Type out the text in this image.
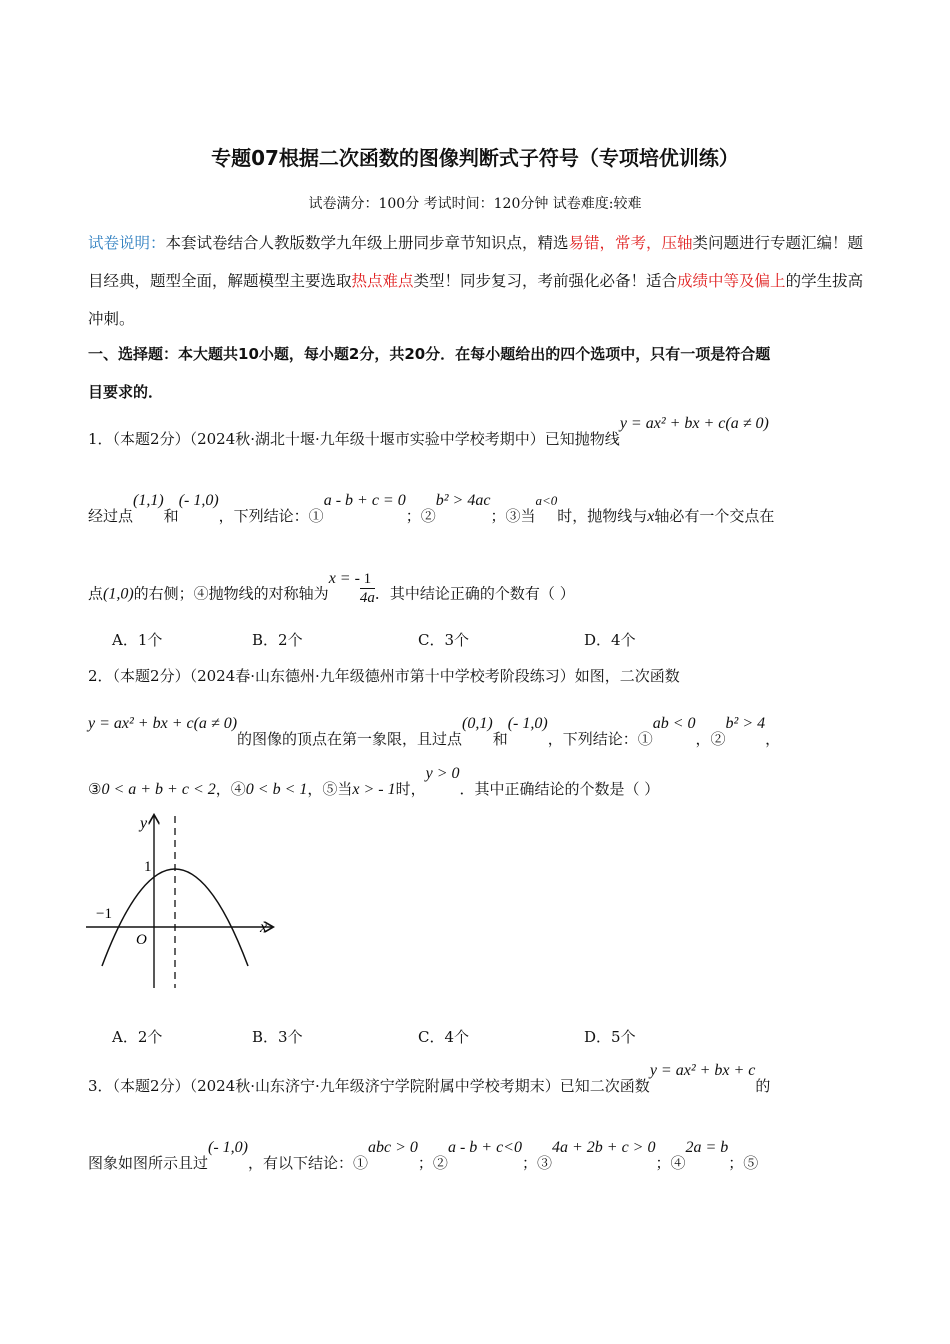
专题07根据二次函数的图像判断式子符号（专项培优训练）
试卷满分：100分 考试时间：120分钟 试卷难度:较难
试卷说明：本套试卷结合人教版数学九年级上册同步章节知识点，精选易错，常考，压轴类问题进行专题汇编！题目经典，题型全面，解题模型主要选取热点难点类型！同步复习，考前强化必备！适合成绩中等及偏上的学生拔高冲刺。
一、选择题：本大题共10小题，每小题2分，共20分．在每小题给出的四个选项中，只有一项是符合题
目要求的．
1．（本题2分）（2024秋·湖北十堰·九年级十堰市实验中学校考期中）已知抛物线y = ax² + bx + c(a ≠ 0)
经过点(1,1)和(- 1,0)，下列结论：①a - b + c = 0；②b² > 4ac；③当a<0时，抛物线与x轴必有一个交点在
点(1,0)的右侧；④抛物线的对称轴为x = - $\frac{1}{4a}$ ．其中结论正确的个数有（ ）
A．1个	B．2个	C．3个	D．4个
2．（本题2分）（2024春·山东德州·九年级德州市第十中学校考阶段练习）如图，二次函数
y = ax² + bx + c(a ≠ 0)的图像的顶点在第一象限，且过点(0,1)和(- 1,0)，下列结论：①ab < 0，②b² > 4，
③0 < a + b + c < 2，④0 < b < 1，⑤当x > - 1时，y > 0．其中正确结论的个数是（ ）
y
x
O
1
−1
A．2个	B．3个	C．4个	D．5个
3．（本题2分）（2024秋·山东济宁·九年级济宁学院附属中学校考期末）已知二次函数y = ax² + bx + c的
图象如图所示且过(- 1,0)，有以下结论：①abc > 0；②a - b + c<0；③4a + 2b + c > 0；④2a = b；⑤
